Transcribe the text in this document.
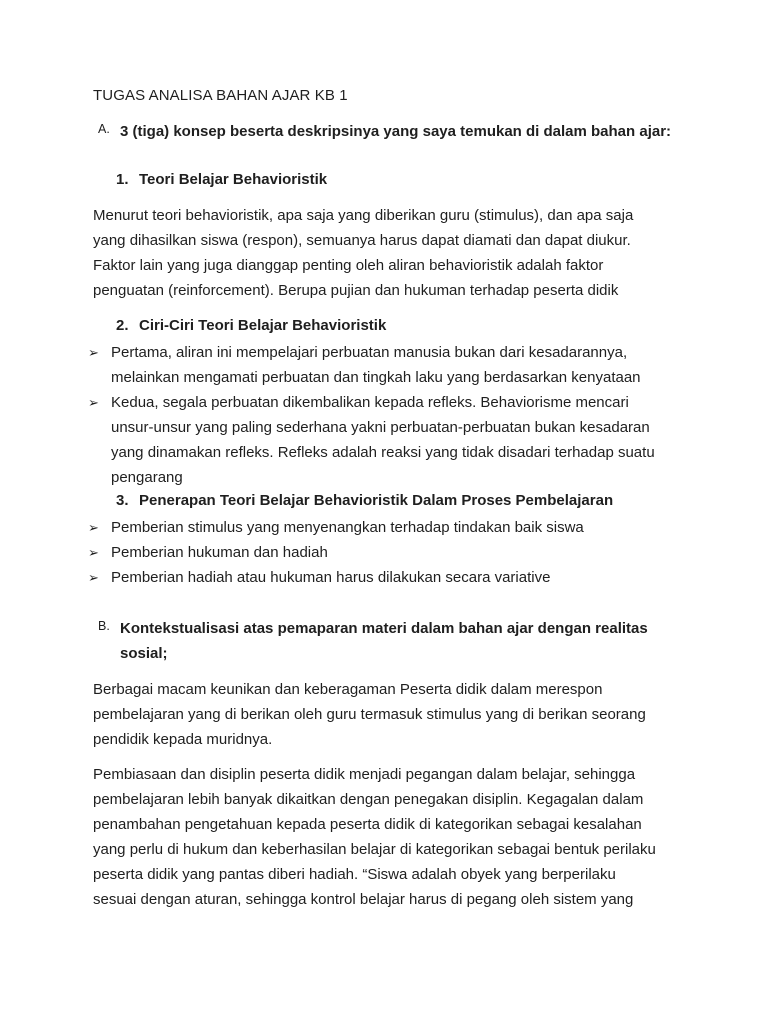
TUGAS ANALISA BAHAN AJAR KB 1
A. 3 (tiga) konsep beserta deskripsinya yang saya temukan di dalam bahan ajar:
1. Teori Belajar Behavioristik
Menurut teori behavioristik, apa saja yang diberikan guru (stimulus), dan apa saja
yang dihasilkan siswa (respon), semuanya harus dapat diamati dan dapat diukur.
Faktor lain yang juga dianggap penting oleh aliran behavioristik adalah faktor
penguatan (reinforcement). Berupa pujian dan hukuman terhadap peserta didik
2. Ciri-Ciri Teori Belajar Behavioristik
➢ Pertama, aliran ini mempelajari perbuatan manusia bukan dari kesadarannya,
melainkan mengamati perbuatan dan tingkah laku yang berdasarkan kenyataan
➢ Kedua, segala perbuatan dikembalikan kepada refleks. Behaviorisme mencari
unsur-unsur yang paling sederhana yakni perbuatan-perbuatan bukan kesadaran
yang dinamakan refleks. Refleks adalah reaksi yang tidak disadari terhadap suatu
pengarang
3. Penerapan Teori Belajar Behavioristik Dalam Proses Pembelajaran
➢ Pemberian stimulus yang menyenangkan terhadap tindakan baik siswa
➢ Pemberian hukuman dan hadiah
➢ Pemberian hadiah atau hukuman harus dilakukan secara variative
B. Kontekstualisasi atas pemaparan materi dalam bahan ajar dengan realitas sosial;
Berbagai macam keunikan dan keberagaman Peserta didik dalam merespon
pembelajaran yang di berikan oleh guru termasuk stimulus yang di berikan seorang
pendidik kepada muridnya.
Pembiasaan dan disiplin peserta didik menjadi pegangan dalam belajar, sehingga
pembelajaran lebih banyak dikaitkan dengan penegakan disiplin. Kegagalan dalam
penambahan pengetahuan kepada peserta didik di kategorikan sebagai kesalahan
yang perlu di hukum dan keberhasilan belajar di kategorikan sebagai bentuk perilaku
peserta didik yang pantas diberi hadiah. “Siswa adalah obyek yang berperilaku
sesuai dengan aturan, sehingga kontrol belajar harus di pegang oleh sistem yang
